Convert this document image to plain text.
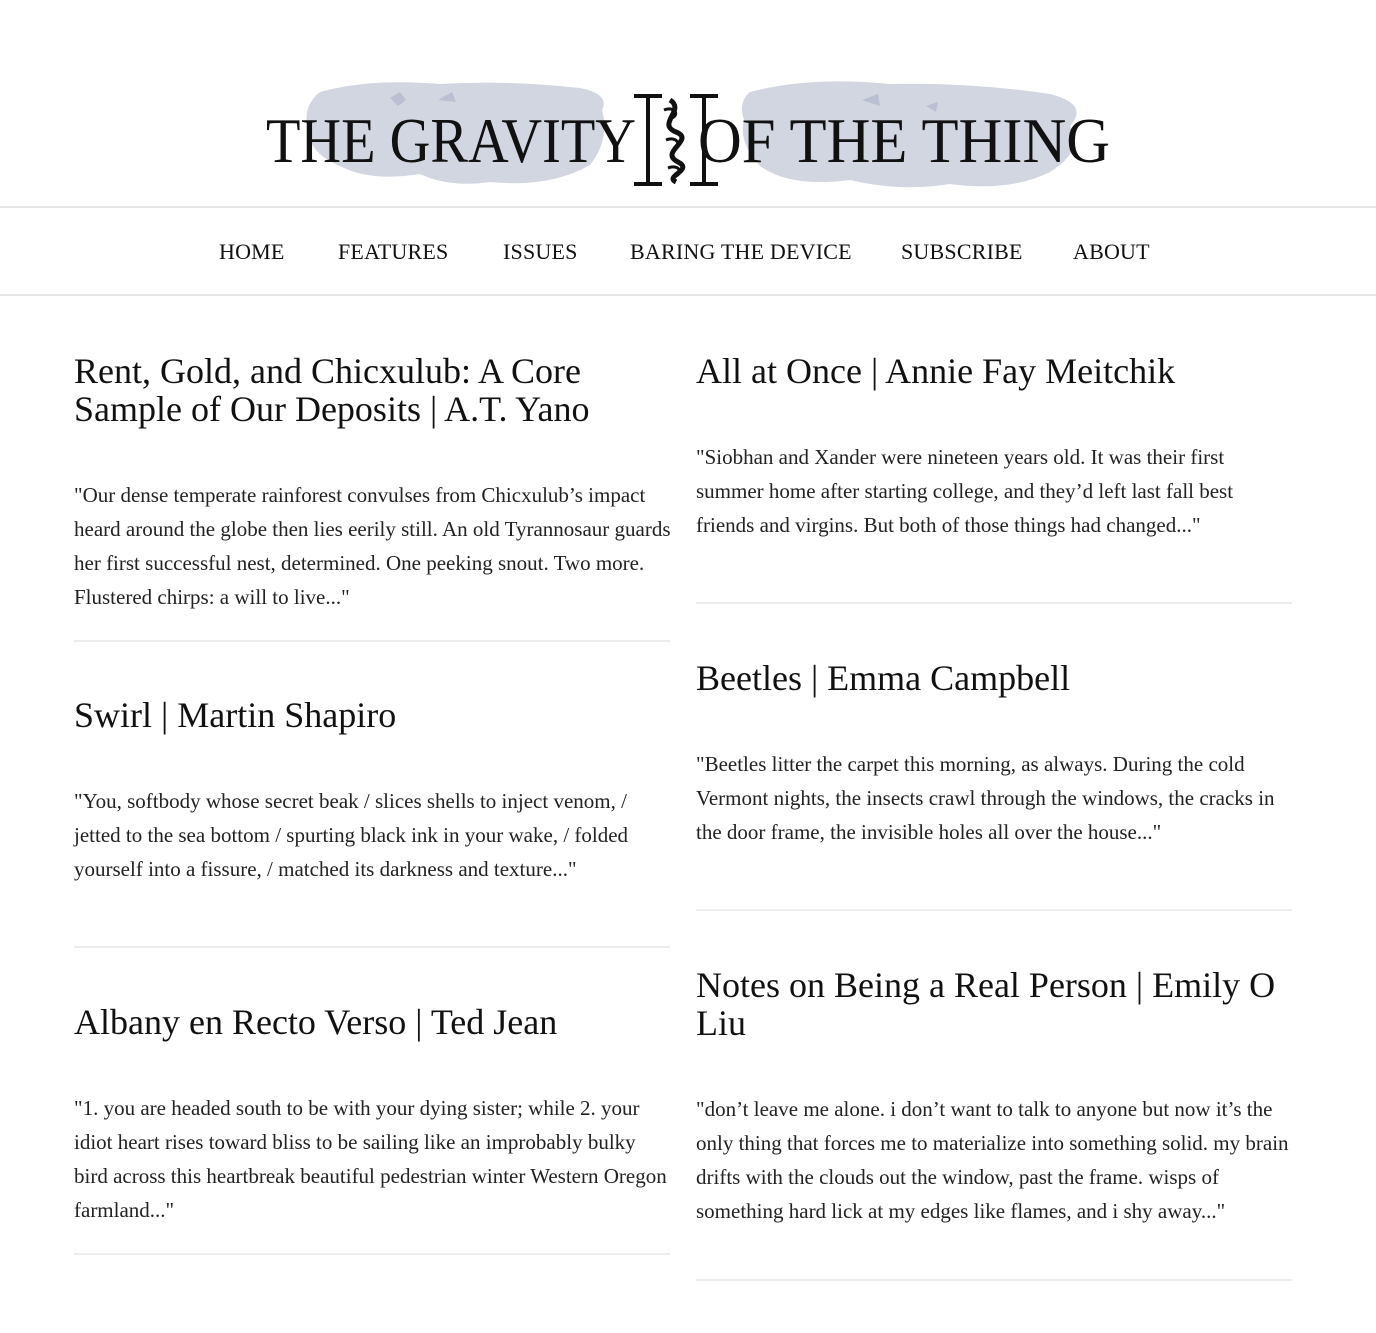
THE GRAVITY OF THE THING
HOME FEATURES ISSUES BARING THE DEVICE SUBSCRIBE ABOUT
Rent, Gold, and Chicxulub: A Core Sample of Our Deposits | A.T. Yano

"Our dense temperate rainforest convulses from Chicxulub’s impact heard around the globe then lies eerily still. An old Tyrannosaur guards her first successful nest, determined. One peeking snout. Two more. Flustered chirps: a will to live..."

Swirl | Martin Shapiro

"You, softbody whose secret beak / slices shells to inject venom, / jetted to the sea bottom / spurting black ink in your wake, / folded yourself into a fissure, / matched its darkness and texture..."

Albany en Recto Verso | Ted Jean

"1. you are headed south to be with your dying sister; while 2. your idiot heart rises toward bliss to be sailing like an improbably bulky bird across this heartbreak beautiful pedestrian winter Western Oregon farmland..."

All at Once | Annie Fay Meitchik

"Siobhan and Xander were nineteen years old. It was their first summer home after starting college, and they’d left last fall best friends and virgins. But both of those things had changed..."

Beetles | Emma Campbell

"Beetles litter the carpet this morning, as always. During the cold Vermont nights, the insects crawl through the windows, the cracks in the door frame, the invisible holes all over the house..."

Notes on Being a Real Person | Emily O Liu

"don’t leave me alone. i don’t want to talk to anyone but now it’s the only thing that forces me to materialize into something solid. my brain drifts with the clouds out the window, past the frame. wisps of something hard lick at my edges like flames, and i shy away..."
